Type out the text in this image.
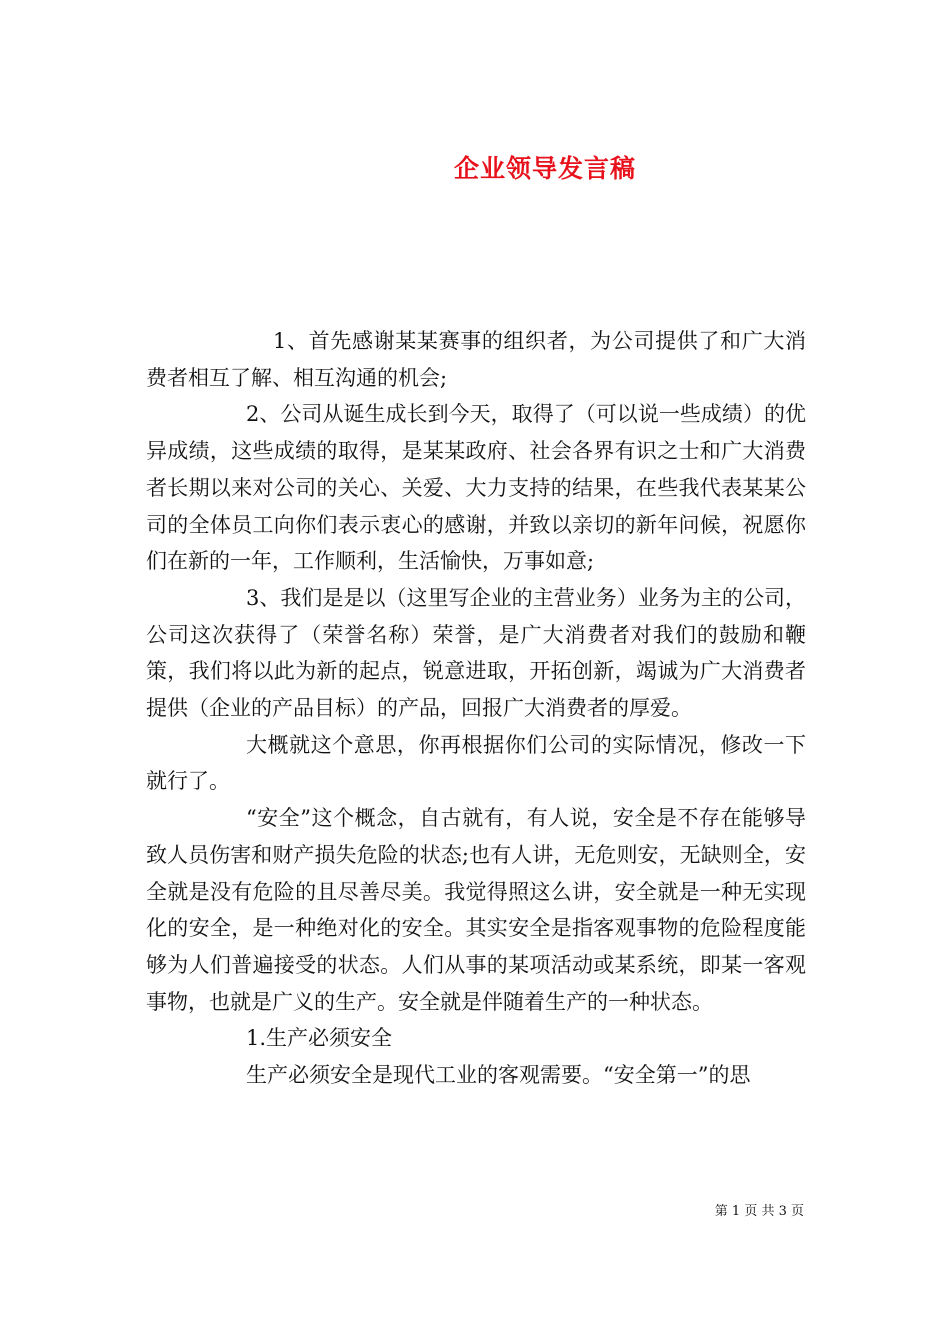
企业领导发言稿

1、首先感谢某某赛事的组织者，为公司提供了和广大消费者相互了解、相互沟通的机会;

2、公司从诞生成长到今天，取得了（可以说一些成绩）的优异成绩，这些成绩的取得，是某某政府、社会各界有识之士和广大消费者长期以来对公司的关心、关爱、大力支持的结果，在些我代表某某公司的全体员工向你们表示衷心的感谢，并致以亲切的新年问候，祝愿你们在新的一年，工作顺利，生活愉快，万事如意;

3、我们是是以（这里写企业的主营业务）业务为主的公司，公司这次获得了（荣誉名称）荣誉，是广大消费者对我们的鼓励和鞭策，我们将以此为新的起点，锐意进取，开拓创新，竭诚为广大消费者提供（企业的产品目标）的产品，回报广大消费者的厚爱。

大概就这个意思，你再根据你们公司的实际情况，修改一下就行了。

“安全”这个概念，自古就有，有人说，安全是不存在能够导致人员伤害和财产损失危险的状态;也有人讲，无危则安，无缺则全，安全就是没有危险的且尽善尽美。我觉得照这么讲，安全就是一种无实现化的安全，是一种绝对化的安全。其实安全是指客观事物的危险程度能够为人们普遍接受的状态。人们从事的某项活动或某系统，即某一客观事物，也就是广义的生产。安全就是伴随着生产的一种状态。

1.生产必须安全

生产必须安全是现代工业的客观需要。“安全第一”的思

第 1 页 共 3 页
